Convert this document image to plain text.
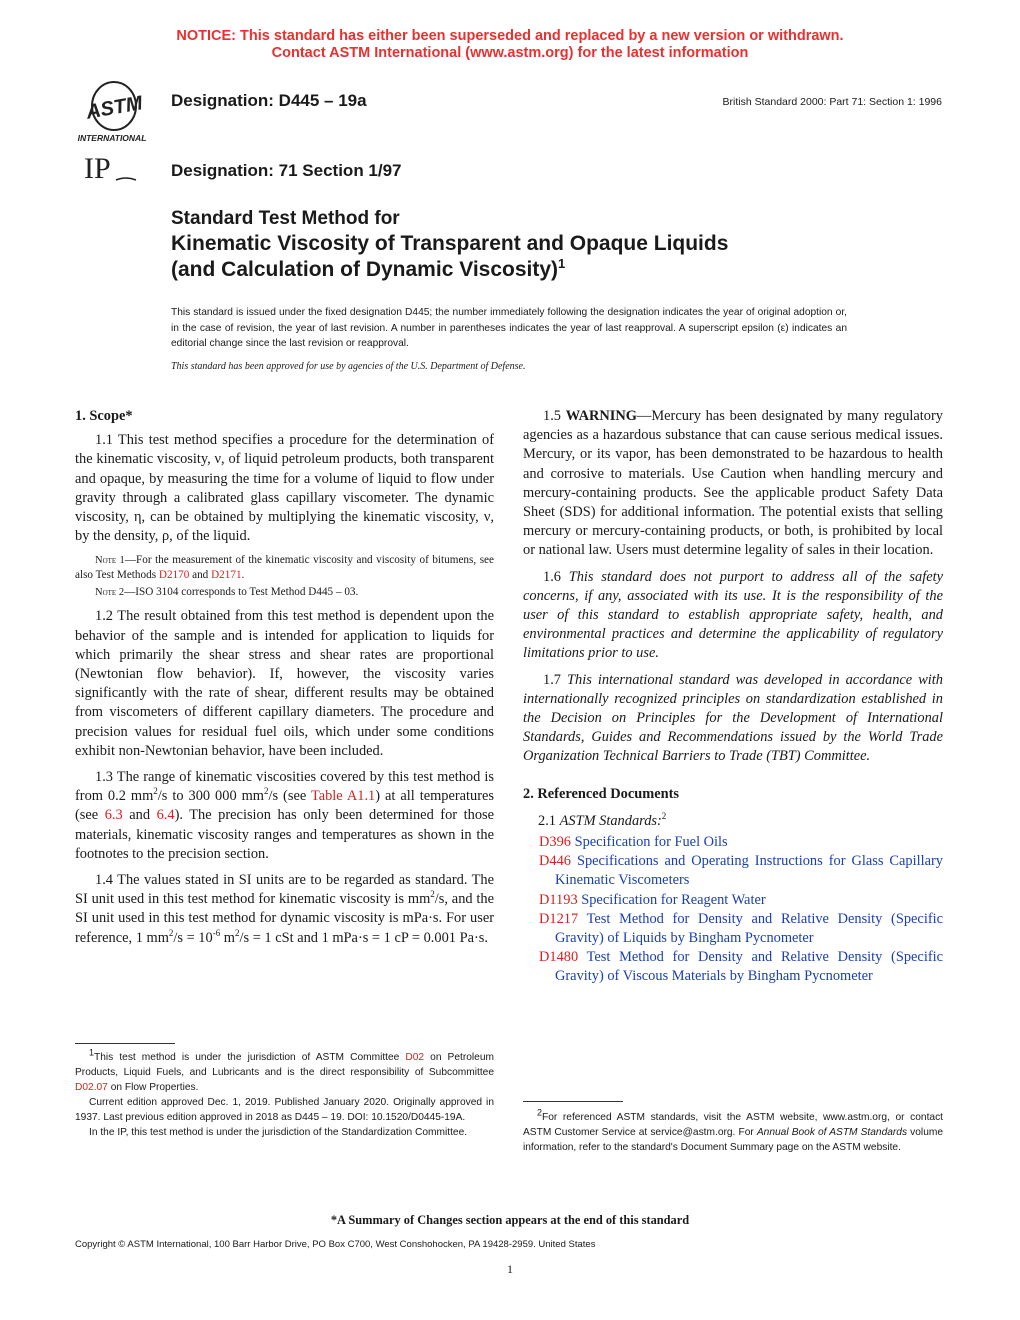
NOTICE: This standard has either been superseded and replaced by a new version or withdrawn.
Contact ASTM International (www.astm.org) for the latest information
ASTM
INTERNATIONAL
IP
Designation: D445 – 19a	British Standard 2000: Part 71: Section 1: 1996
Designation: 71 Section 1/97
Standard Test Method for
Kinematic Viscosity of Transparent and Opaque Liquids
(and Calculation of Dynamic Viscosity)$^1$
This standard is issued under the fixed designation D445; the number immediately following the designation indicates the year of original adoption or, in the case of revision, the year of last revision. A number in parentheses indicates the year of last reapproval. A superscript epsilon (ε) indicates an editorial change since the last revision or reapproval.
This standard has been approved for use by agencies of the U.S. Department of Defense.

1. Scope*

1.1 This test method specifies a procedure for the determination of the kinematic viscosity, ν, of liquid petroleum products, both transparent and opaque, by measuring the time for a volume of liquid to flow under gravity through a calibrated glass capillary viscometer. The dynamic viscosity, η, can be obtained by multiplying the kinematic viscosity, ν, by the density, ρ, of the liquid.

Note 1—For the measurement of the kinematic viscosity and viscosity of bitumens, see also Test Methods D2170 and D2171.

Note 2—ISO 3104 corresponds to Test Method D445 – 03.

1.2 The result obtained from this test method is dependent upon the behavior of the sample and is intended for application to liquids for which primarily the shear stress and shear rates are proportional (Newtonian flow behavior). If, however, the viscosity varies significantly with the rate of shear, different results may be obtained from viscometers of different capillary diameters. The procedure and precision values for residual fuel oils, which under some conditions exhibit non-Newtonian behavior, have been included.

1.3 The range of kinematic viscosities covered by this test method is from 0.2 $mm^2/s$ to 300 000 $mm^2/s$ (see Table A1.1) at all temperatures (see 6.3 and 6.4). The precision has only been determined for those materials, kinematic viscosity ranges and temperatures as shown in the footnotes to the precision section.

1.4 The values stated in SI units are to be regarded as standard. The SI unit used in this test method for kinematic viscosity is $mm^2/s$, and the SI unit used in this test method for dynamic viscosity is mPa·s. For user reference, 1 $mm^2/s = 10^{-6}$ $m^2/s = 1$ cSt and 1 mPa·s = 1 cP = 0.001 Pa·s.

1.5 WARNING—Mercury has been designated by many regulatory agencies as a hazardous substance that can cause serious medical issues. Mercury, or its vapor, has been demonstrated to be hazardous to health and corrosive to materials. Use Caution when handling mercury and mercury-containing products. See the applicable product Safety Data Sheet (SDS) for additional information. The potential exists that selling mercury or mercury-containing products, or both, is prohibited by local or national law. Users must determine legality of sales in their location.

1.6 This standard does not purport to address all of the safety concerns, if any, associated with its use. It is the responsibility of the user of this standard to establish appropriate safety, health, and environmental practices and determine the applicability of regulatory limitations prior to use.

1.7 This international standard was developed in accordance with internationally recognized principles on standardization established in the Decision on Principles for the Development of International Standards, Guides and Recommendations issued by the World Trade Organization Technical Barriers to Trade (TBT) Committee.

2. Referenced Documents

2.1 ASTM Standards:$^2$

D396 Specification for Fuel Oils

D446 Specifications and Operating Instructions for Glass Capillary Kinematic Viscometers

D1193 Specification for Reagent Water

D1217 Test Method for Density and Relative Density (Specific Gravity) of Liquids by Bingham Pycnometer

D1480 Test Method for Density and Relative Density (Specific Gravity) of Viscous Materials by Bingham Pycnometer

$^1$This test method is under the jurisdiction of ASTM Committee D02 on Petroleum Products, Liquid Fuels, and Lubricants and is the direct responsibility of Subcommittee D02.07 on Flow Properties.

Current edition approved Dec. 1, 2019. Published January 2020. Originally approved in 1937. Last previous edition approved in 2018 as D445 – 19. DOI: 10.1520/D0445-19A.

In the IP, this test method is under the jurisdiction of the Standardization Committee.

$^2$For referenced ASTM standards, visit the ASTM website, www.astm.org, or contact ASTM Customer Service at service@astm.org. For Annual Book of ASTM Standards volume information, refer to the standard's Document Summary page on the ASTM website.

*A Summary of Changes section appears at the end of this standard
Copyright © ASTM International, 100 Barr Harbor Drive, PO Box C700, West Conshohocken, PA 19428-2959. United States
1
